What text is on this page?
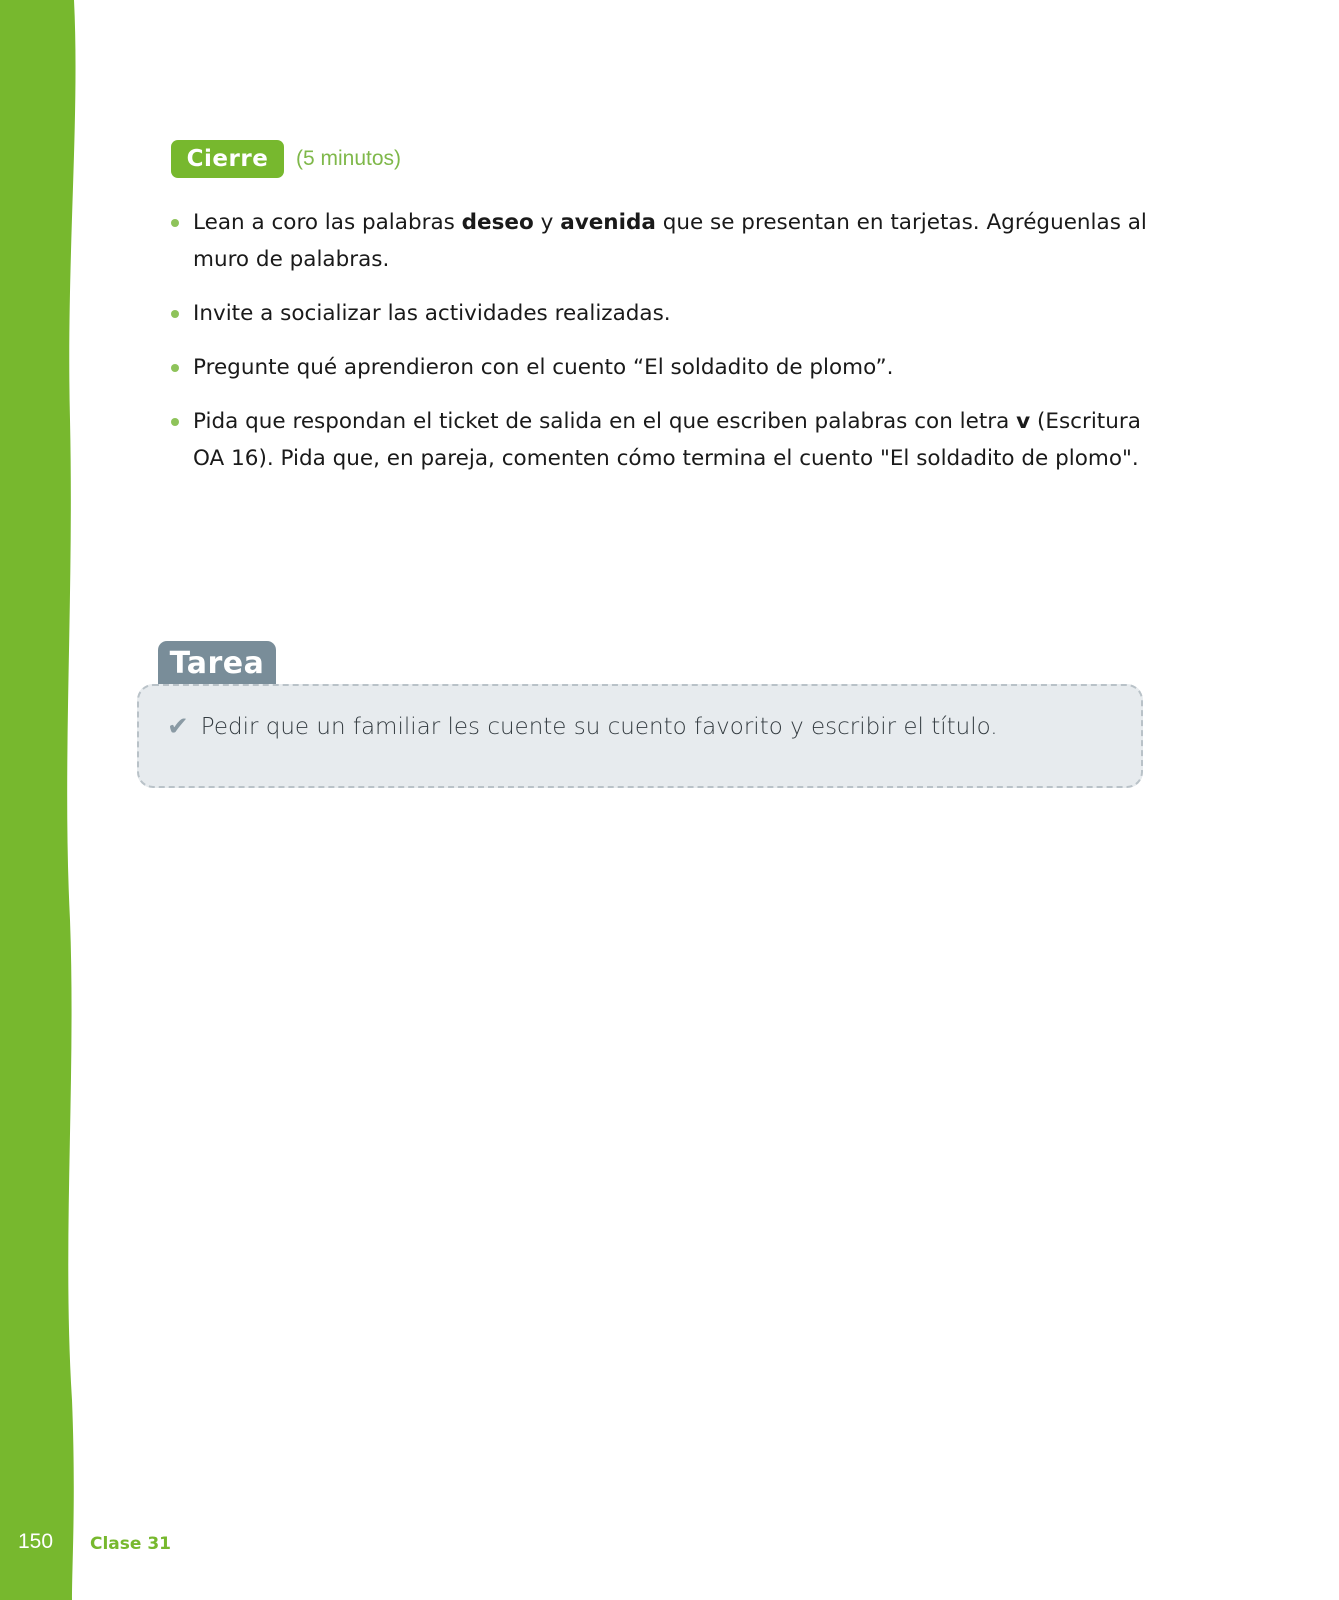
Cierre	(5 minutos)
Lean a coro las palabras deseo y avenida que se presentan en tarjetas. Agréguenlas al muro de palabras.
Invite a socializar las actividades realizadas.
Pregunte qué aprendieron con el cuento “El soldadito de plomo”.
Pida que respondan el ticket de salida en el que escriben palabras con letra v (Escritura OA 16). Pida que, en pareja, comenten cómo termina el cuento "El soldadito de plomo".
Tarea
✔ Pedir que un familiar les cuente su cuento favorito y escribir el título.
150 Clase 31
